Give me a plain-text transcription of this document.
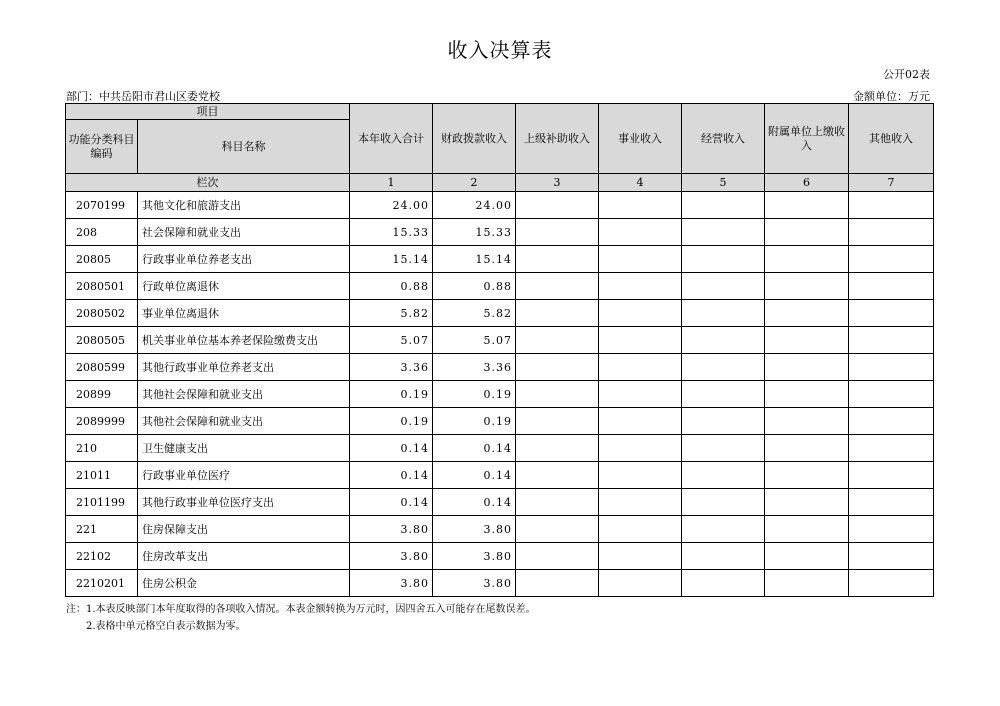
收入决算表
公开02表
部门：中共岳阳市君山区委党校	金额单位：万元
项目		本年收入合计	财政拨款收入	上级补助收入	事业收入	经营收入	附属单位上缴收入	其他收入
功能分类科目编码	科目名称							
栏次		1	2	3	4	5	6	7
2070199	其他文化和旅游支出	24.00	24.00					
208	社会保障和就业支出	15.33	15.33					
20805	行政事业单位养老支出	15.14	15.14					
2080501	行政单位离退休	0.88	0.88					
2080502	事业单位离退休	5.82	5.82					
2080505	机关事业单位基本养老保险缴费支出	5.07	5.07					
2080599	其他行政事业单位养老支出	3.36	3.36					
20899	其他社会保障和就业支出	0.19	0.19					
2089999	其他社会保障和就业支出	0.19	0.19					
210	卫生健康支出	0.14	0.14					
21011	行政事业单位医疗	0.14	0.14					
2101199	其他行政事业单位医疗支出	0.14	0.14					
221	住房保障支出	3.80	3.80					
22102	住房改革支出	3.80	3.80					
2210201	住房公积金	3.80	3.80					
注：1.本表反映部门本年度取得的各项收入情况。本表金额转换为万元时，因四舍五入可能存在尾数误差。
2.表格中单元格空白表示数据为零。
